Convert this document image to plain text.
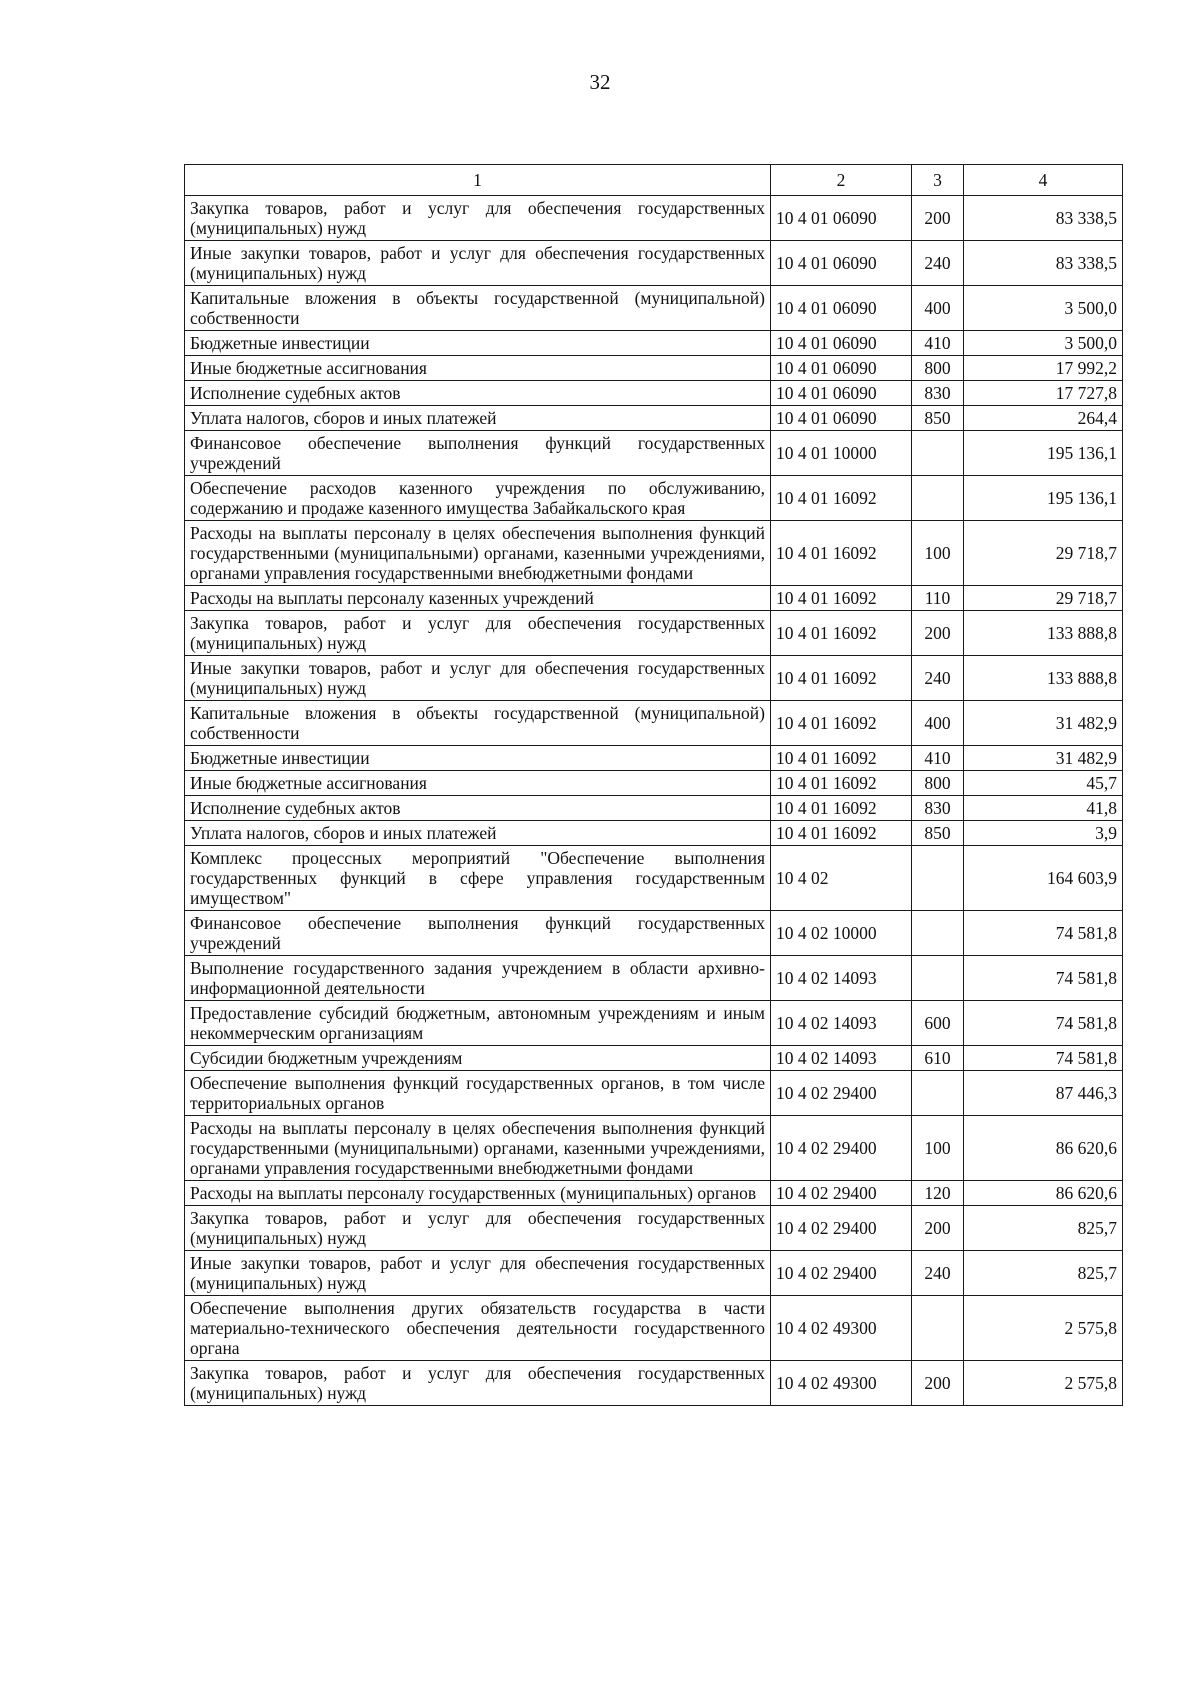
32
1	2	3	4
Закупка товаров, работ и услуг для обеспечения государственных (муниципальных) нужд	10 4 01 06090	200	83 338,5
Иные закупки товаров, работ и услуг для обеспечения государственных (муниципальных) нужд	10 4 01 06090	240	83 338,5
Капитальные вложения в объекты государственной (муниципальной) собственности	10 4 01 06090	400	3 500,0
Бюджетные инвестиции	10 4 01 06090	410	3 500,0
Иные бюджетные ассигнования	10 4 01 06090	800	17 992,2
Исполнение судебных актов	10 4 01 06090	830	17 727,8
Уплата налогов, сборов и иных платежей	10 4 01 06090	850	264,4
Финансовое обеспечение выполнения функций государственных учреждений	10 4 01 10000		195 136,1
Обеспечение расходов казенного учреждения по обслуживанию, содержанию и продаже казенного имущества Забайкальского края	10 4 01 16092		195 136,1
Расходы на выплаты персоналу в целях обеспечения выполнения функций государственными (муниципальными) органами, казенными учреждениями, органами управления государственными внебюджетными фондами	10 4 01 16092	100	29 718,7
Расходы на выплаты персоналу казенных учреждений	10 4 01 16092	110	29 718,7
Закупка товаров, работ и услуг для обеспечения государственных (муниципальных) нужд	10 4 01 16092	200	133 888,8
Иные закупки товаров, работ и услуг для обеспечения государственных (муниципальных) нужд	10 4 01 16092	240	133 888,8
Капитальные вложения в объекты государственной (муниципальной) собственности	10 4 01 16092	400	31 482,9
Бюджетные инвестиции	10 4 01 16092	410	31 482,9
Иные бюджетные ассигнования	10 4 01 16092	800	45,7
Исполнение судебных актов	10 4 01 16092	830	41,8
Уплата налогов, сборов и иных платежей	10 4 01 16092	850	3,9
Комплекс процессных мероприятий "Обеспечение выполнения государственных функций в сфере управления государственным имуществом"	10 4 02		164 603,9
Финансовое обеспечение выполнения функций государственных учреждений	10 4 02 10000		74 581,8
Выполнение государственного задания учреждением в области архивно-информационной деятельности	10 4 02 14093		74 581,8
Предоставление субсидий бюджетным, автономным учреждениям и иным некоммерческим организациям	10 4 02 14093	600	74 581,8
Субсидии бюджетным учреждениям	10 4 02 14093	610	74 581,8
Обеспечение выполнения функций государственных органов, в том числе территориальных органов	10 4 02 29400		87 446,3
Расходы на выплаты персоналу в целях обеспечения выполнения функций государственными (муниципальными) органами, казенными учреждениями, органами управления государственными внебюджетными фондами	10 4 02 29400	100	86 620,6
Расходы на выплаты персоналу государственных (муниципальных) органов	10 4 02 29400	120	86 620,6
Закупка товаров, работ и услуг для обеспечения государственных (муниципальных) нужд	10 4 02 29400	200	825,7
Иные закупки товаров, работ и услуг для обеспечения государственных (муниципальных) нужд	10 4 02 29400	240	825,7
Обеспечение выполнения других обязательств государства в части материально-технического обеспечения деятельности государственного органа	10 4 02 49300		2 575,8
Закупка товаров, работ и услуг для обеспечения государственных (муниципальных) нужд	10 4 02 49300	200	2 575,8
